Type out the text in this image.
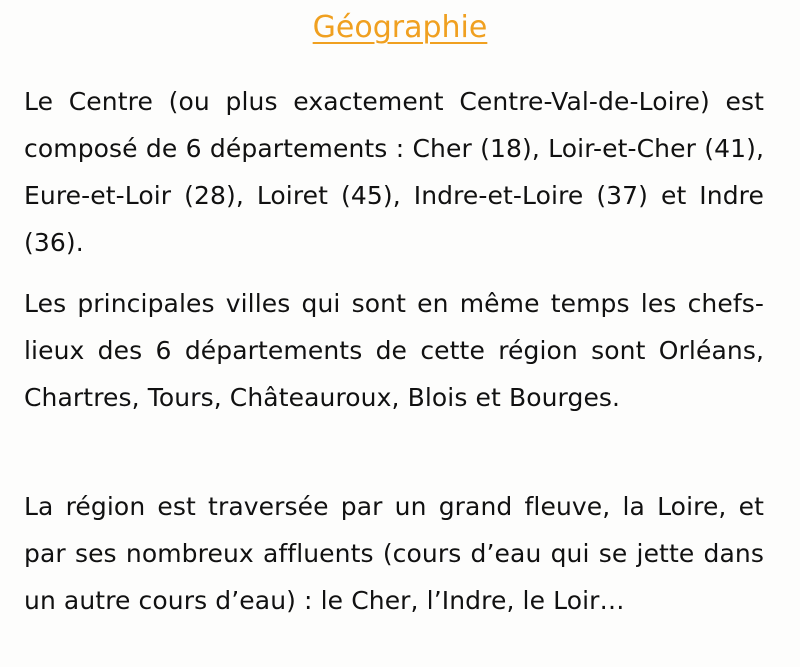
Géographie

Le Centre (ou plus exactement Centre-Val-de-Loire) est composé de 6 départements : Cher (18), Loir-et-Cher (41), Eure-et-Loir (28), Loiret (45), Indre-et-Loire (37) et Indre (36).

Les principales villes qui sont en même temps les chefs-lieux des 6 départements de cette région sont Orléans, Chartres, Tours, Châteauroux, Blois et Bourges.

La région est traversée par un grand fleuve, la Loire, et par ses nombreux affluents (cours d’eau qui se jette dans un autre cours d’eau) : le Cher, l’Indre, le Loir…
